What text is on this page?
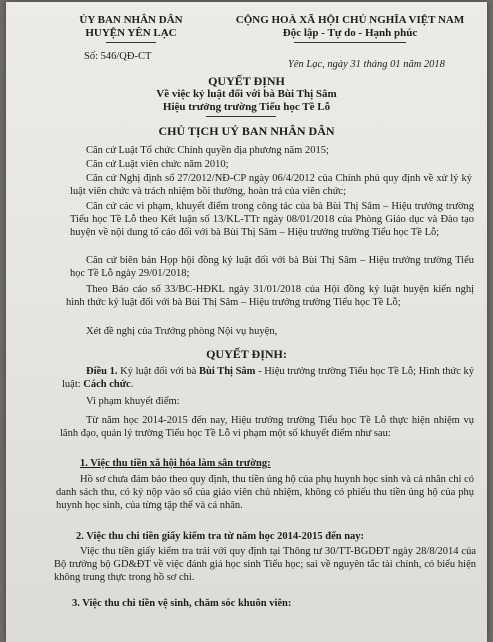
ỦY BAN NHÂN DÂN
HUYỆN YÊN LẠC
Số: 546/QĐ-CT
CỘNG HOÀ XÃ HỘI CHỦ NGHĨA VIỆT NAM
Độc lập - Tự do - Hạnh phúc
Yên Lạc, ngày 31 tháng 01 năm 2018
QUYẾT ĐỊNH
Về việc kỷ luật đối với bà Bùi Thị Sâm
Hiệu trưởng trường Tiểu học Tề Lỗ
CHỦ TỊCH UỶ BAN NHÂN DÂN
Căn cứ Luật Tổ chức Chính quyền địa phương năm 2015;
Căn cứ Luật viên chức năm 2010;
Căn cứ Nghị định số 27/2012/NĐ-CP ngày 06/4/2012 của Chính phủ quy định về xử lý kỷ luật viên chức và trách nhiệm bồi thường, hoàn trả của viên chức;
Căn cứ các vi phạm, khuyết điểm trong công tác của bà Bùi Thị Sâm – Hiệu trưởng trường Tiểu học Tề Lỗ theo Kết luận số 13/KL-TTr ngày 08/01/2018 của Phòng Giáo dục và Đào tạo huyện về nội dung tố cáo đối với bà Bùi Thị Sâm – Hiệu trưởng trường Tiểu học Tề Lỗ;
Căn cứ biên bản Họp hội đồng kỷ luật đối với bà Bùi Thị Sâm – Hiệu trưởng trường Tiểu học Tề Lỗ ngày 29/01/2018;
Theo Báo cáo số 33/BC-HĐKL ngày 31/01/2018 của Hội đồng kỷ luật huyện kiến nghị hình thức kỷ luật đối với bà Bùi Thị Sâm – Hiệu trưởng trường Tiểu học Tề Lỗ;
Xét đề nghị của Trưởng phòng Nội vụ huyện,
QUYẾT ĐỊNH:
Điều 1. Kỷ luật đối với bà Bùi Thị Sâm - Hiệu trưởng trường Tiểu học Tề Lỗ; Hình thức kỷ luật: Cách chức.
Vi phạm khuyết điểm:
Từ năm học 2014-2015 đến nay, Hiệu trưởng trường Tiểu học Tề Lỗ thực hiện nhiệm vụ lãnh đạo, quản lý trường Tiểu học Tề Lỗ vi phạm một số khuyết điểm như sau:
1. Việc thu tiền xã hội hóa làm sân trường:
Hồ sơ chưa đảm bảo theo quy định, thu tiền ủng hộ của phụ huynh học sinh và cá nhân chỉ có danh sách thu, có ký nộp vào sổ của giáo viên chủ nhiệm, không có phiếu thu tiền ủng hộ của phụ huynh học sinh, của từng tập thể và cá nhân.
2. Việc thu chi tiền giấy kiểm tra từ năm học 2014-2015 đến nay:
Việc thu tiền giấy kiểm tra trái với quy định tại Thông tư 30/TT-BGDĐT ngày 28/8/2014 của Bộ trưởng bộ GD&ĐT về việc đánh giá học sinh Tiểu học; sai về nguyên tắc tài chính, có biểu hiện không trung thực trong hồ sơ chi.
3. Việc thu chi tiền vệ sinh, chăm sóc khuôn viên:
